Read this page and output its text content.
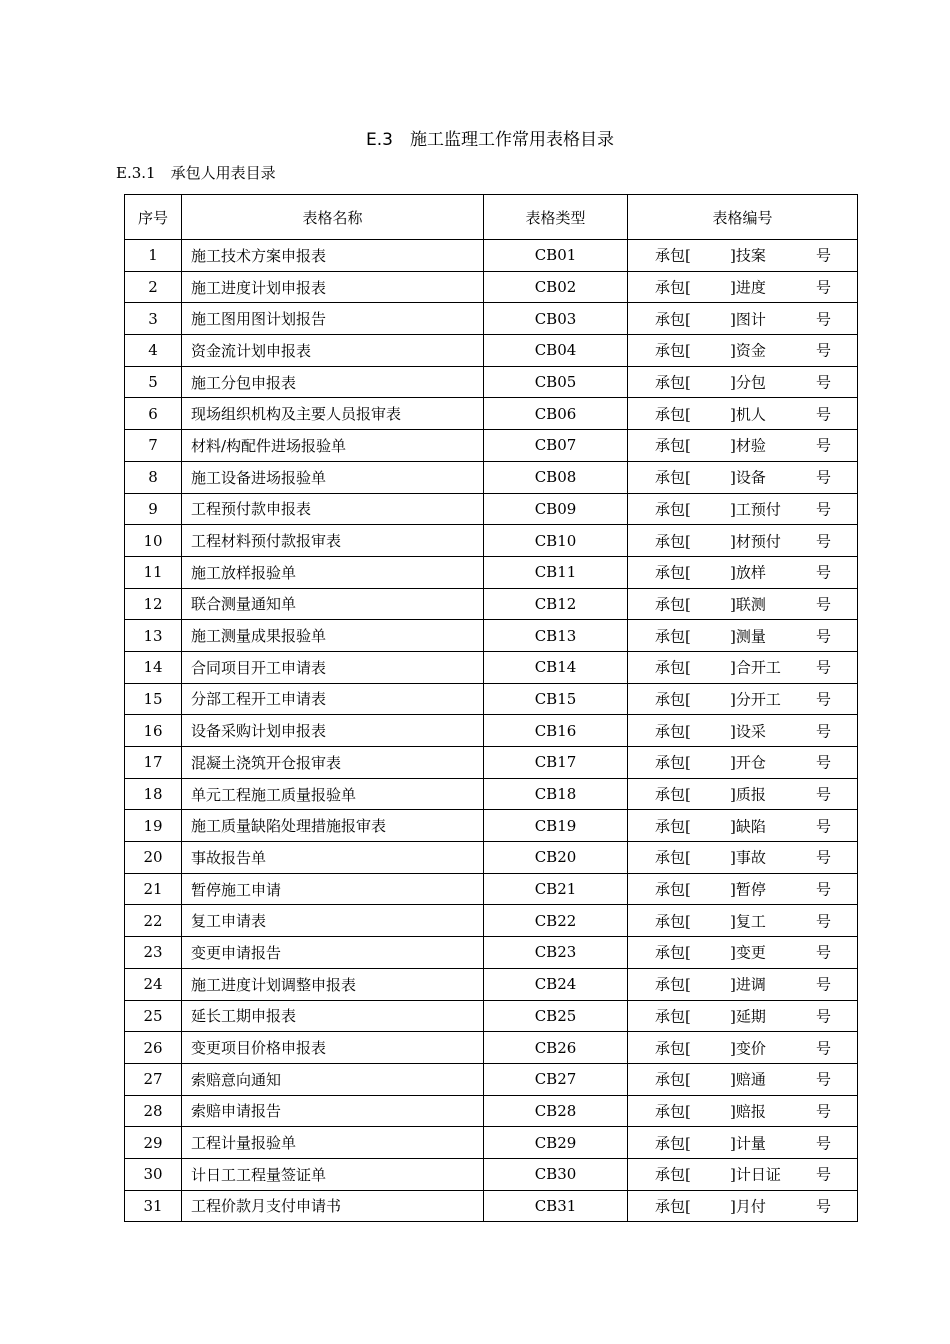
E.3　施工监理工作常用表格目录
E.3.1　承包人用表目录
序号	表格名称	表格类型	表格编号
1	施工技术方案申报表	CB01	承包[ ]技案 号

2	施工进度计划申报表	CB02	承包[ ]进度 号

3	施工图用图计划报告	CB03	承包[ ]图计 号

4	资金流计划申报表	CB04	承包[ ]资金 号

5	施工分包申报表	CB05	承包[ ]分包 号

6	现场组织机构及主要人员报审表	CB06	承包[ ]机人 号

7	材料/构配件进场报验单	CB07	承包[ ]材验 号

8	施工设备进场报验单	CB08	承包[ ]设备 号

9	工程预付款申报表	CB09	承包[ ]工预付 号

10	工程材料预付款报审表	CB10	承包[ ]材预付 号

11	施工放样报验单	CB11	承包[ ]放样 号

12	联合测量通知单	CB12	承包[ ]联测 号

13	施工测量成果报验单	CB13	承包[ ]测量 号

14	合同项目开工申请表	CB14	承包[ ]合开工 号

15	分部工程开工申请表	CB15	承包[ ]分开工 号

16	设备采购计划申报表	CB16	承包[ ]设采 号

17	混凝土浇筑开仓报审表	CB17	承包[ ]开仓 号

18	单元工程施工质量报验单	CB18	承包[ ]质报 号

19	施工质量缺陷处理措施报审表	CB19	承包[ ]缺陷 号

20	事故报告单	CB20	承包[ ]事故 号

21	暂停施工申请	CB21	承包[ ]暂停 号

22	复工申请表	CB22	承包[ ]复工 号

23	变更申请报告	CB23	承包[ ]变更 号

24	施工进度计划调整申报表	CB24	承包[ ]进调 号

25	延长工期申报表	CB25	承包[ ]延期 号

26	变更项目价格申报表	CB26	承包[ ]变价 号

27	索赔意向通知	CB27	承包[ ]赔通 号

28	索赔申请报告	CB28	承包[ ]赔报 号

29	工程计量报验单	CB29	承包[ ]计量 号

30	计日工工程量签证单	CB30	承包[ ]计日证 号

31	工程价款月支付申请书	CB31	承包[ ]月付 号
